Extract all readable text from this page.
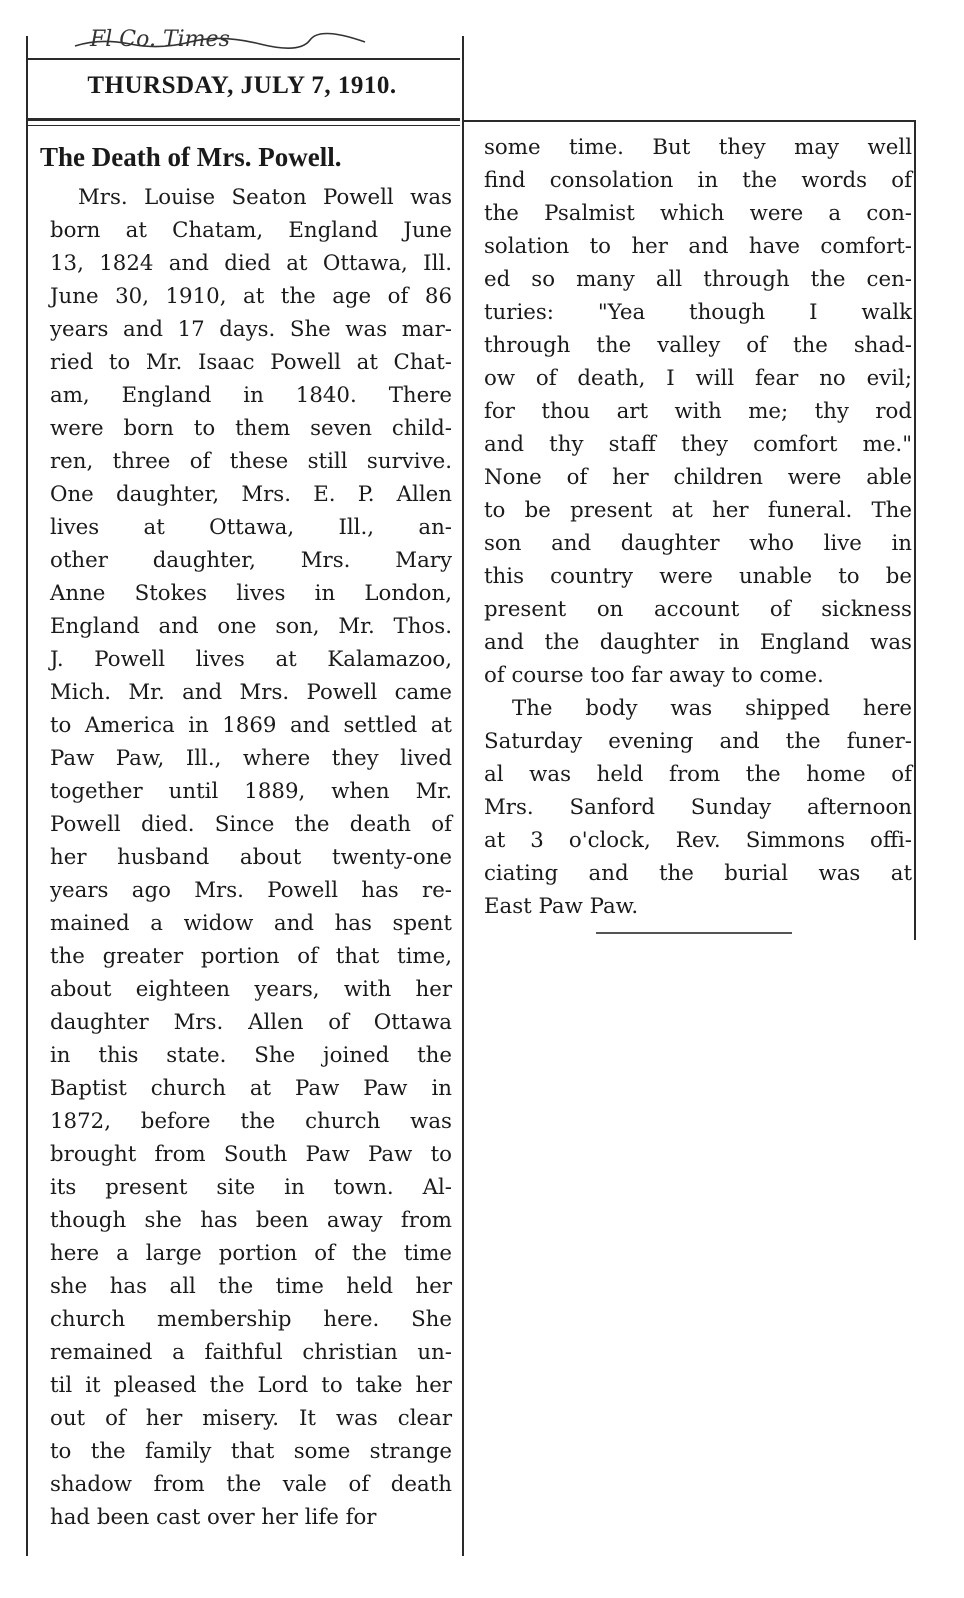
Fl Co. Times
THURSDAY, JULY 7, 1910.
The Death of Mrs. Powell.
Mrs. Louise Seaton Powell was
born at Chatam, England June
13, 1824 and died at Ottawa, Ill.
June 30, 1910, at the age of 86
years and 17 days. She was mar-
ried to Mr. Isaac Powell at Chat-
am, England in 1840. There
were born to them seven child-
ren, three of these still survive.
One daughter, Mrs. E. P. Allen
lives at Ottawa, Ill., an-
other daughter, Mrs. Mary
Anne Stokes lives in London,
England and one son, Mr. Thos.
J. Powell lives at Kalamazoo,
Mich. Mr. and Mrs. Powell came
to America in 1869 and settled at
Paw Paw, Ill., where they lived
together until 1889, when Mr.
Powell died. Since the death of
her husband about twenty-one
years ago Mrs. Powell has re-
mained a widow and has spent
the greater portion of that time,
about eighteen years, with her
daughter Mrs. Allen of Ottawa
in this state. She joined the
Baptist church at Paw Paw in
1872, before the church was
brought from South Paw Paw to
its present site in town. Al-
though she has been away from
here a large portion of the time
she has all the time held her
church membership here. She
remained a faithful christian un-
til it pleased the Lord to take her
out of her misery. It was clear
to the family that some strange
shadow from the vale of death
had been cast over her life for
some time. But they may well
find consolation in the words of
the Psalmist which were a con-
solation to her and have comfort-
ed so many all through the cen-
turies: "Yea though I walk
through the valley of the shad-
ow of death, I will fear no evil;
for thou art with me; thy rod
and thy staff they comfort me."
None of her children were able
to be present at her funeral. The
son and daughter who live in
this country were unable to be
present on account of sickness
and the daughter in England was
of course too far away to come.
The body was shipped here
Saturday evening and the funer-
al was held from the home of
Mrs. Sanford Sunday afternoon
at 3 o'clock, Rev. Simmons offi-
ciating and the burial was at
East Paw Paw.
